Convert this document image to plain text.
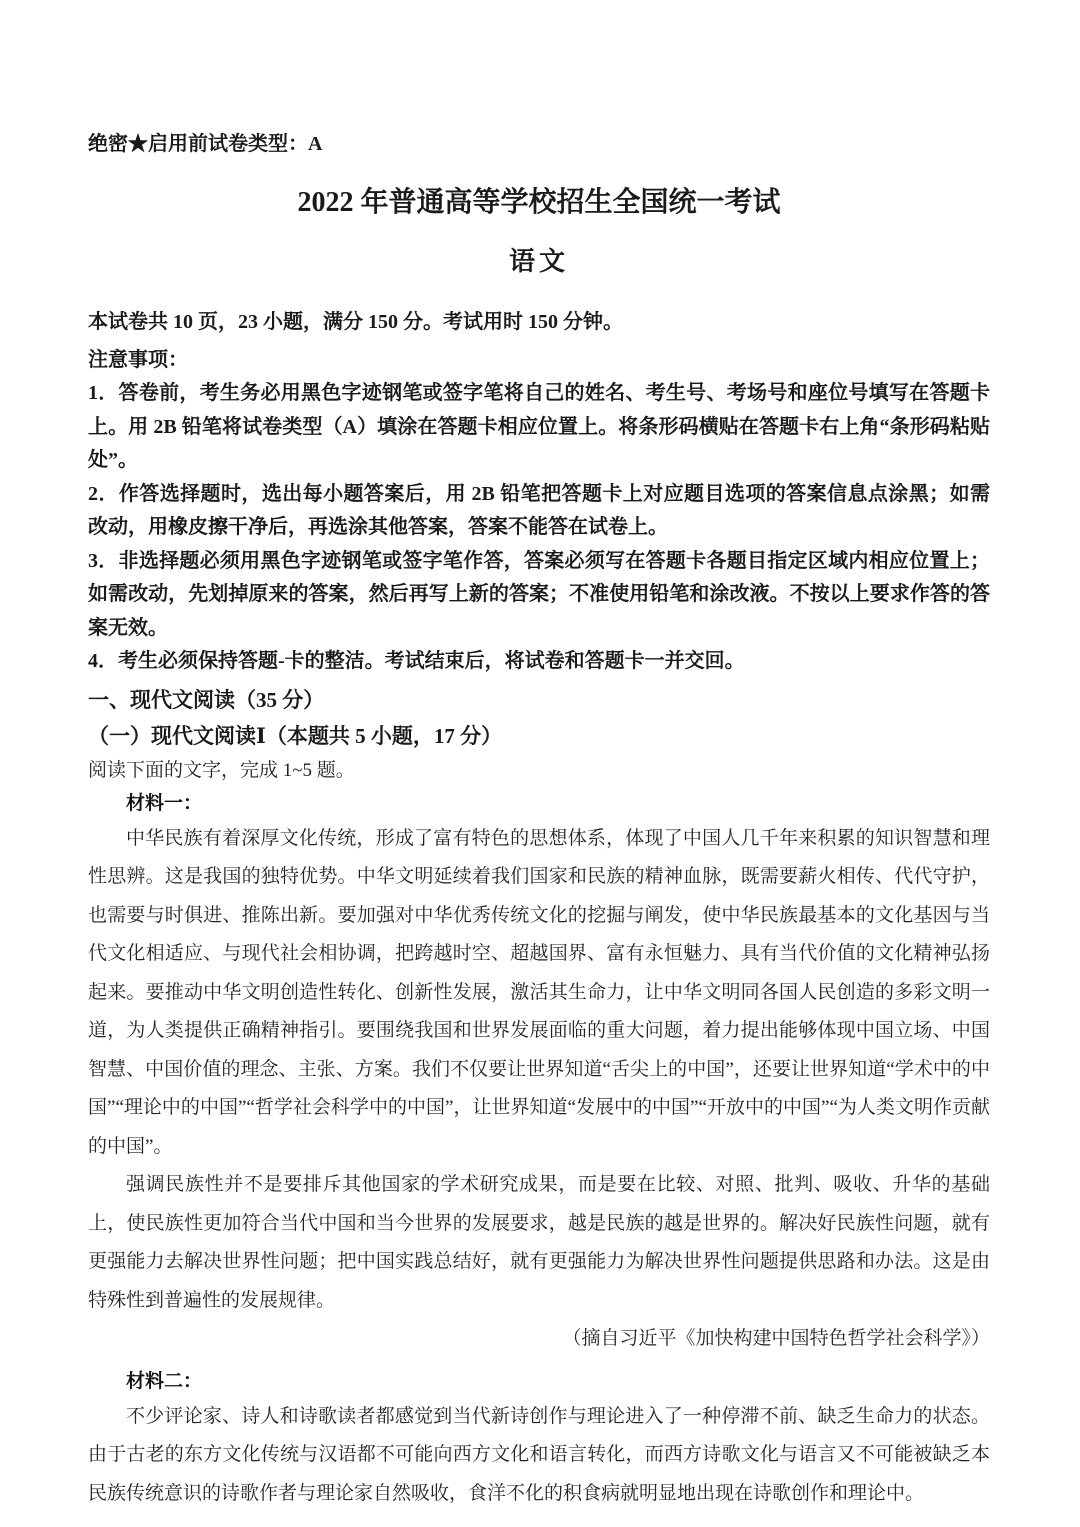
绝密★启用前试卷类型：A

2022 年普通高等学校招生全国统一考试
语文

本试卷共 10 页，23 小题，满分 150 分。考试用时 150 分钟。

注意事项：

1．答卷前，考生务必用黑色字迹钢笔或签字笔将自己的姓名、考生号、考场号和座位号填写在答题卡上。用 2B 铅笔将试卷类型（A）填涂在答题卡相应位置上。将条形码横贴在答题卡右上角“条形码粘贴处”。

2．作答选择题时，选出每小题答案后，用 2B 铅笔把答题卡上对应题目选项的答案信息点涂黑；如需改动，用橡皮擦干净后，再选涂其他答案，答案不能答在试卷上。

3．非选择题必须用黑色字迹钢笔或签字笔作答，答案必须写在答题卡各题目指定区域内相应位置上；如需改动，先划掉原来的答案，然后再写上新的答案；不准使用铅笔和涂改液。不按以上要求作答的答案无效。

4．考生必须保持答题-卡的整洁。考试结束后，将试卷和答题卡一并交回。

一、现代文阅读（35 分）

（一）现代文阅读Ⅰ（本题共 5 小题，17 分）

阅读下面的文字，完成 1~5 题。

材料一：

中华民族有着深厚文化传统，形成了富有特色的思想体系，体现了中国人几千年来积累的知识智慧和理性思辨。这是我国的独特优势。中华文明延续着我们国家和民族的精神血脉，既需要薪火相传、代代守护，也需要与时俱进、推陈出新。要加强对中华优秀传统文化的挖掘与阐发，使中华民族最基本的文化基因与当代文化相适应、与现代社会相协调，把跨越时空、超越国界、富有永恒魅力、具有当代价值的文化精神弘扬起来。要推动中华文明创造性转化、创新性发展，激活其生命力，让中华文明同各国人民创造的多彩文明一道，为人类提供正确精神指引。要围绕我国和世界发展面临的重大问题，着力提出能够体现中国立场、中国智慧、中国价值的理念、主张、方案。我们不仅要让世界知道“舌尖上的中国”，还要让世界知道“学术中的中国”“理论中的中国”“哲学社会科学中的中国”，让世界知道“发展中的中国”“开放中的中国”“为人类文明作贡献的中国”。

强调民族性并不是要排斥其他国家的学术研究成果，而是要在比较、对照、批判、吸收、升华的基础上，使民族性更加符合当代中国和当今世界的发展要求，越是民族的越是世界的。解决好民族性问题，就有更强能力去解决世界性问题；把中国实践总结好，就有更强能力为解决世界性问题提供思路和办法。这是由特殊性到普遍性的发展规律。

（摘自习近平《加快构建中国特色哲学社会科学》）

材料二：

不少评论家、诗人和诗歌读者都感觉到当代新诗创作与理论进入了一种停滞不前、缺乏生命力的状态。由于古老的东方文化传统与汉语都不可能向西方文化和语言转化，而西方诗歌文化与语言又不可能被缺乏本民族传统意识的诗歌作者与理论家自然吸收，食洋不化的积食病就明显地出现在诗歌创作和理论中。
